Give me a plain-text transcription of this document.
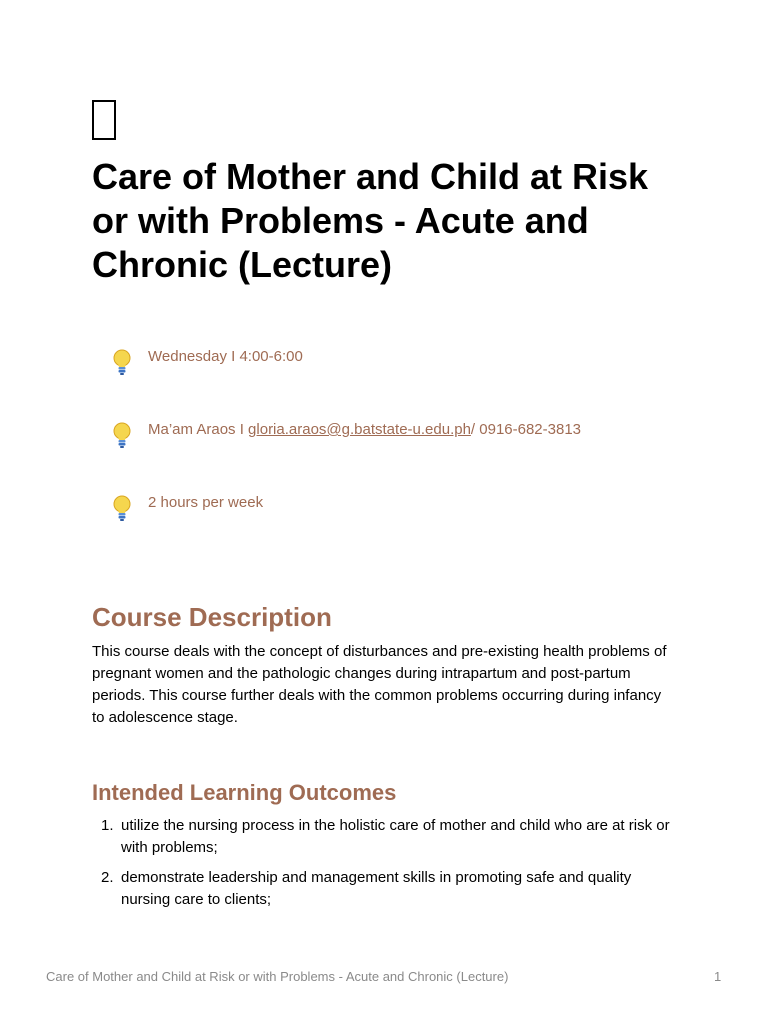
Care of Mother and Child at Risk or with Problems - Acute and Chronic (Lecture)
Wednesday I 4:00-6:00
Ma’am Araos I gloria.araos@g.batstate-u.edu.ph/ 0916-682-3813
2 hours per week
Course Description

This course deals with the concept of disturbances and pre-existing health problems of pregnant women and the pathologic changes during intrapartum and post-partum periods. This course further deals with the common problems occurring during infancy to adolescence stage.

Intended Learning Outcomes
1. utilize the nursing process in the holistic care of mother and child who are at risk or with problems;
2. demonstrate leadership and management skills in promoting safe and quality nursing care to clients;
Care of Mother and Child at Risk or with Problems - Acute and Chronic (Lecture)	1
